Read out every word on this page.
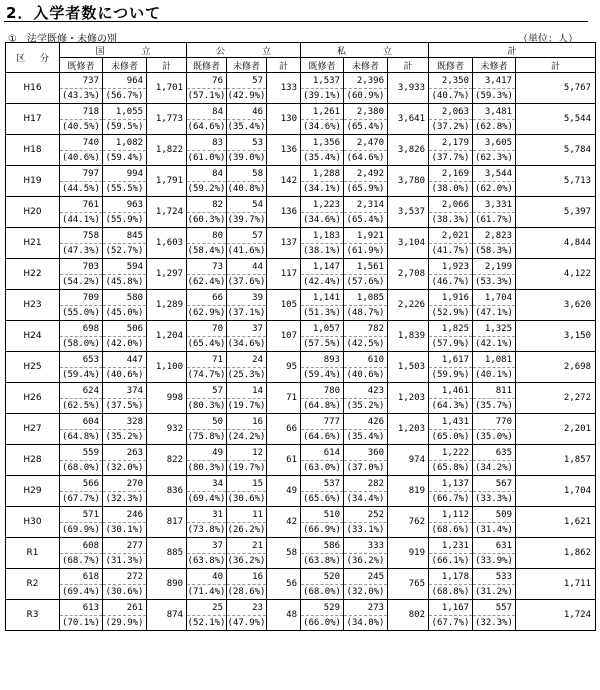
2．入学者数について
①　法学既修・未修の別	（単位：人）
区 分	国　立			公　立			私　立			計		
	既修者	未修者	計	既修者	未修者	計	既修者	未修者	計	既修者	未修者	計
H16	737	964	1,701	76	57	133	1,537	2,396	3,933	2,350	3,417	5,767
	(43.3%)	(56.7%)		(57.1%)	(42.9%)		(39.1%)	(60.9%)		(40.7%)	(59.3%)	
H17	718	1,055	1,773	84	46	130	1,261	2,380	3,641	2,063	3,481	5,544
	(40.5%)	(59.5%)		(64.6%)	(35.4%)		(34.6%)	(65.4%)		(37.2%)	(62.8%)	
H18	740	1,082	1,822	83	53	136	1,356	2,470	3,826	2,179	3,605	5,784
	(40.6%)	(59.4%)		(61.0%)	(39.0%)		(35.4%)	(64.6%)		(37.7%)	(62.3%)	
H19	797	994	1,791	84	58	142	1,288	2,492	3,780	2,169	3,544	5,713
	(44.5%)	(55.5%)		(59.2%)	(40.8%)		(34.1%)	(65.9%)		(38.0%)	(62.0%)	
H20	761	963	1,724	82	54	136	1,223	2,314	3,537	2,066	3,331	5,397
	(44.1%)	(55.9%)		(60.3%)	(39.7%)		(34.6%)	(65.4%)		(38.3%)	(61.7%)	
H21	758	845	1,603	80	57	137	1,183	1,921	3,104	2,021	2,823	4,844
	(47.3%)	(52.7%)		(58.4%)	(41.6%)		(38.1%)	(61.9%)		(41.7%)	(58.3%)	
H22	703	594	1,297	73	44	117	1,147	1,561	2,708	1,923	2,199	4,122
	(54.2%)	(45.8%)		(62.4%)	(37.6%)		(42.4%)	(57.6%)		(46.7%)	(53.3%)	
H23	709	580	1,289	66	39	105	1,141	1,085	2,226	1,916	1,704	3,620
	(55.0%)	(45.0%)		(62.9%)	(37.1%)		(51.3%)	(48.7%)		(52.9%)	(47.1%)	
H24	698	506	1,204	70	37	107	1,057	782	1,839	1,825	1,325	3,150
	(58.0%)	(42.0%)		(65.4%)	(34.6%)		(57.5%)	(42.5%)		(57.9%)	(42.1%)	
H25	653	447	1,100	71	24	95	893	610	1,503	1,617	1,081	2,698
	(59.4%)	(40.6%)		(74.7%)	(25.3%)		(59.4%)	(40.6%)		(59.9%)	(40.1%)	
H26	624	374	998	57	14	71	780	423	1,203	1,461	811	2,272
	(62.5%)	(37.5%)		(80.3%)	(19.7%)		(64.8%)	(35.2%)		(64.3%)	(35.7%)	
H27	604	328	932	50	16	66	777	426	1,203	1,431	770	2,201
	(64.8%)	(35.2%)		(75.8%)	(24.2%)		(64.6%)	(35.4%)		(65.0%)	(35.0%)	
H28	559	263	822	49	12	61	614	360	974	1,222	635	1,857
	(68.0%)	(32.0%)		(80.3%)	(19.7%)		(63.0%)	(37.0%)		(65.8%)	(34.2%)	
H29	566	270	836	34	15	49	537	282	819	1,137	567	1,704
	(67.7%)	(32.3%)		(69.4%)	(30.6%)		(65.6%)	(34.4%)		(66.7%)	(33.3%)	
H30	571	246	817	31	11	42	510	252	762	1,112	509	1,621
	(69.9%)	(30.1%)		(73.8%)	(26.2%)		(66.9%)	(33.1%)		(68.6%)	(31.4%)	
R1	608	277	885	37	21	58	586	333	919	1,231	631	1,862
	(68.7%)	(31.3%)		(63.8%)	(36.2%)		(63.8%)	(36.2%)		(66.1%)	(33.9%)	
R2	618	272	890	40	16	56	520	245	765	1,178	533	1,711
	(69.4%)	(30.6%)		(71.4%)	(28.6%)		(68.0%)	(32.0%)		(68.8%)	(31.2%)	
R3	613	261	874	25	23	48	529	273	802	1,167	557	1,724
	(70.1%)	(29.9%)		(52.1%)	(47.9%)		(66.0%)	(34.0%)		(67.7%)	(32.3%)	
